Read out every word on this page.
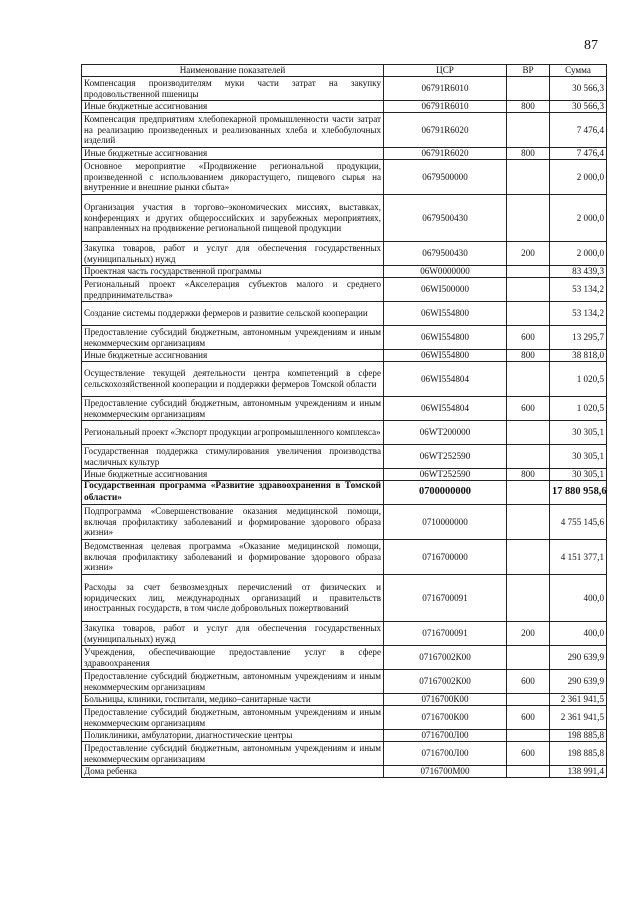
87
Наименование показателей	ЦСР	ВР	Сумма
Компенсация производителям муки части затрат на закупку продовольственной пшеницы	06791R6010		30 566,3
Иные бюджетные ассигнования	06791R6010	800	30 566,3
Компенсация предприятиям хлебопекарной промышленности части затрат на реализацию произведенных и реализованных хлеба и хлебобулочных изделий	06791R6020		7 476,4
Иные бюджетные ассигнования	06791R6020	800	7 476,4
Основное мероприятие «Продвижение региональной продукции, произведенной с использованием дикорастущего, пищевого сырья на внутренние и внешние рынки сбыта»	0679500000		2 000,0
Организация участия в торгово–экономических миссиях, выставках, конференциях и других общероссийских и зарубежных мероприятиях, направленных на продвижение региональной пищевой продукции	0679500430		2 000,0
Закупка товаров, работ и услуг для обеспечения государственных (муниципальных) нужд	0679500430	200	2 000,0
Проектная часть государственной программы	06W0000000		83 439,3
Региональный проект «Акселерация субъектов малого и среднего предпринимательства»	06WI500000		53 134,2
Создание системы поддержки фермеров и развитие сельской кооперации	06WI554800		53 134,2
Предоставление субсидий бюджетным, автономным учреждениям и иным некоммерческим организациям	06WI554800	600	13 295,7
Иные бюджетные ассигнования	06WI554800	800	38 818,0
Осуществление текущей деятельности центра компетенций в сфере сельскохозяйственной кооперации и поддержки фермеров Томской области	06WI554804		1 020,5
Предоставление субсидий бюджетным, автономным учреждениям и иным некоммерческим организациям	06WI554804	600	1 020,5
Региональный проект «Экспорт продукции агропромышленного комплекса»	06WT200000		30 305,1
Государственная поддержка стимулирования увеличения производства масличных культур	06WT252590		30 305,1
Иные бюджетные ассигнования	06WT252590	800	30 305,1
Государственная программа «Развитие здравоохранения в Томской области»	0700000000		17 880 958,6
Подпрограмма «Совершенствование оказания медицинской помощи, включая профилактику заболеваний и формирование здорового образа жизни»	0710000000		4 755 145,6
Ведомственная целевая программа «Оказание медицинской помощи, включая профилактику заболеваний и формирование здорового образа жизни»	0716700000		4 151 377,1
Расходы за счет безвозмездных перечислений от физических и юридических лиц, международных организаций и правительств иностранных государств, в том числе добровольных пожертвований	0716700091		400,0
Закупка товаров, работ и услуг для обеспечения государственных (муниципальных) нужд	0716700091	200	400,0
Учреждения, обеспечивающие предоставление услуг в сфере здравоохранения	07167002К00		290 639,9
Предоставление субсидий бюджетным, автономным учреждениям и иным некоммерческим организациям	07167002К00	600	290 639,9
Больницы, клиники, госпитали, медико–санитарные части	0716700К00		2 361 941,5
Предоставление субсидий бюджетным, автономным учреждениям и иным некоммерческим организациям	0716700К00	600	2 361 941,5
Поликлиники, амбулатории, диагностические центры	0716700Л00		198 885,8
Предоставление субсидий бюджетным, автономным учреждениям и иным некоммерческим организациям	0716700Л00	600	198 885,8
Дома ребенка	0716700М00		138 991,4
